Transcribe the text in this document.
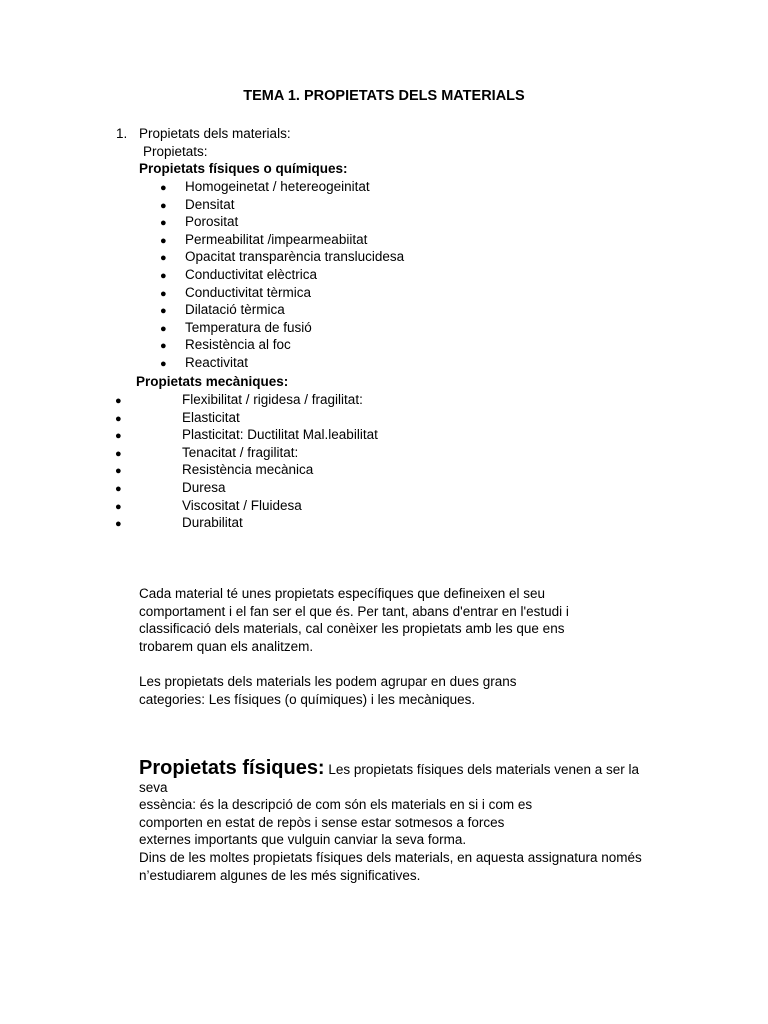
TEMA 1. PROPIETATS DELS MATERIALS
1. Propietats dels materials:
Propietats:
Propietats físiques o químiques:
● Homogeinetat / hetereogeinitat
● Densitat
● Porositat
● Permeabilitat /impearmeabiitat
● Opacitat transparència translucidesa
● Conductivitat elèctrica
● Conductivitat tèrmica
● Dilatació tèrmica
● Temperatura de fusió
● Resistència al foc
● Reactivitat
Propietats mecàniques:
●	Flexibilitat / rigidesa / fragilitat:
●	Elasticitat
●	Plasticitat: Ductilitat Mal.leabilitat
●	Tenacitat / fragilitat:
●	Resistència mecànica
●	Duresa
●	Viscositat / Fluidesa
●	Durabilitat

Cada material té unes propietats específiques que defineixen el seu

comportament i el fan ser el que és. Per tant, abans d'entrar en l'estudi i

classificació dels materials, cal conèixer les propietats amb les que ens

trobarem quan els analitzem.

Les propietats dels materials les podem agrupar en dues grans

categories: Les físiques (o químiques) i les mecàniques.

Propietats físiques: Les propietats físiques dels materials venen a ser la

seva

essència: és la descripció de com són els materials en si i com es

comporten en estat de repòs i sense estar sotmesos a forces

externes importants que vulguin canviar la seva forma.

Dins de les moltes propietats físiques dels materials, en aquesta assignatura només

n’estudiarem algunes de les més significatives.
